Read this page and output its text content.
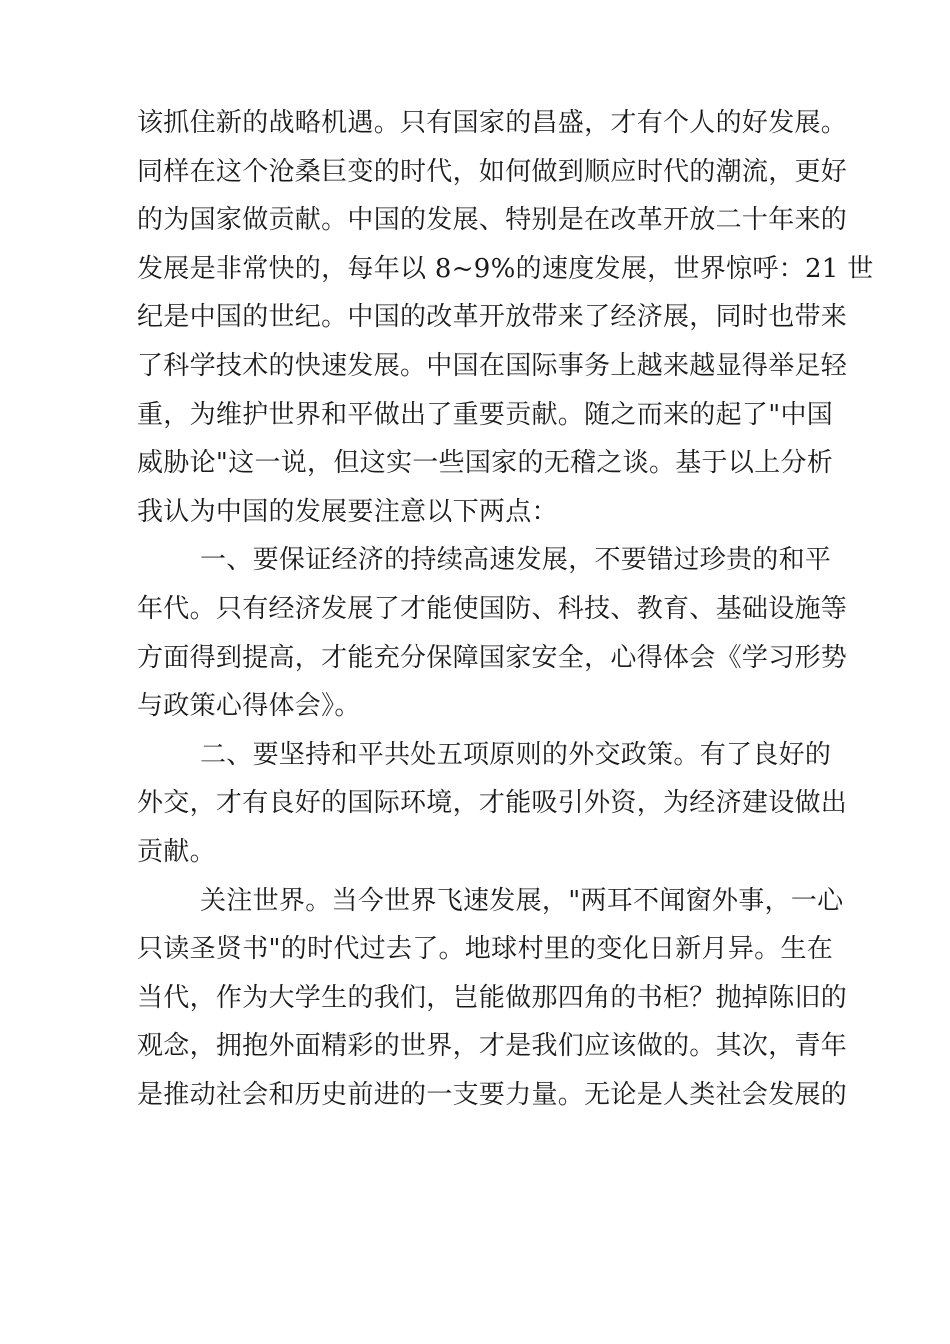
该抓住新的战略机遇。只有国家的昌盛，才有个人的好发展。
同样在这个沧桑巨变的时代，如何做到顺应时代的潮流，更好
的为国家做贡献。中国的发展、特别是在改革开放二十年来的
发展是非常快的，每年以 8~9%的速度发展，世界惊呼：21 世
纪是中国的世纪。中国的改革开放带来了经济展，同时也带来
了科学技术的快速发展。中国在国际事务上越来越显得举足轻
重，为维护世界和平做出了重要贡献。随之而来的起了"中国
威胁论"这一说，但这实一些国家的无稽之谈。基于以上分析
我认为中国的发展要注意以下两点：
一、要保证经济的持续高速发展，不要错过珍贵的和平
年代。只有经济发展了才能使国防、科技、教育、基础设施等
方面得到提高，才能充分保障国家安全，心得体会《学习形势
与政策心得体会》。
二、要坚持和平共处五项原则的外交政策。有了良好的
外交，才有良好的国际环境，才能吸引外资，为经济建设做出
贡献。
关注世界。当今世界飞速发展，"两耳不闻窗外事，一心
只读圣贤书"的时代过去了。地球村里的变化日新月异。生在
当代，作为大学生的我们，岂能做那四角的书柜？抛掉陈旧的
观念，拥抱外面精彩的世界，才是我们应该做的。其次，青年
是推动社会和历史前进的一支要力量。无论是人类社会发展的
